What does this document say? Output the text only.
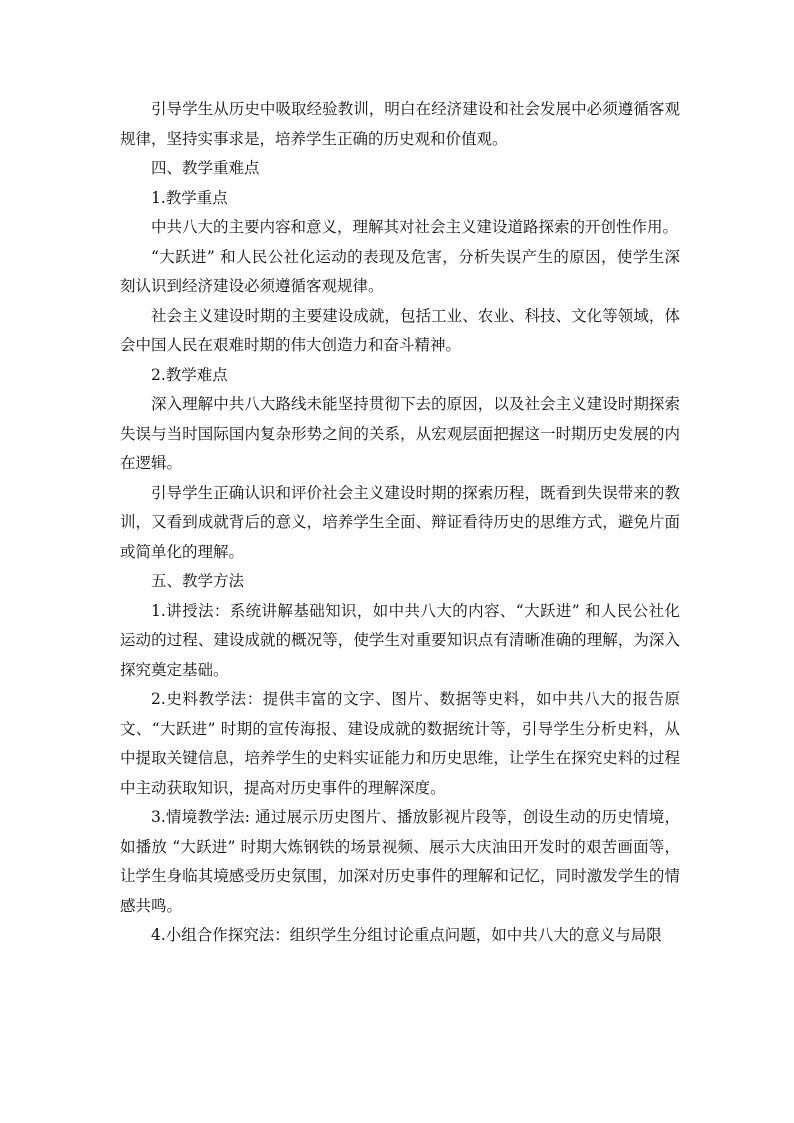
引导学生从历史中吸取经验教训，明白在经济建设和社会发展中必须遵循客观规律，坚持实事求是，培养学生正确的历史观和价值观。

四、教学重难点

1.教学重点

中共八大的主要内容和意义，理解其对社会主义建设道路探索的开创性作用。

“大跃进” 和人民公社化运动的表现及危害，分析失误产生的原因，使学生深刻认识到经济建设必须遵循客观规律。

社会主义建设时期的主要建设成就，包括工业、农业、科技、文化等领域，体会中国人民在艰难时期的伟大创造力和奋斗精神。

2.教学难点

深入理解中共八大路线未能坚持贯彻下去的原因，以及社会主义建设时期探索失误与当时国际国内复杂形势之间的关系，从宏观层面把握这一时期历史发展的内在逻辑。

引导学生正确认识和评价社会主义建设时期的探索历程，既看到失误带来的教训，又看到成就背后的意义，培养学生全面、辩证看待历史的思维方式，避免片面或简单化的理解。

五、教学方法

1.讲授法：系统讲解基础知识，如中共八大的内容、“大跃进” 和人民公社化运动的过程、建设成就的概况等，使学生对重要知识点有清晰准确的理解，为深入探究奠定基础。

2.史料教学法：提供丰富的文字、图片、数据等史料，如中共八大的报告原文、“大跃进” 时期的宣传海报、建设成就的数据统计等，引导学生分析史料，从中提取关键信息，培养学生的史料实证能力和历史思维，让学生在探究史料的过程中主动获取知识，提高对历史事件的理解深度。

3.情境教学法: 通过展示历史图片、播放影视片段等，创设生动的历史情境，如播放 “大跃进” 时期大炼钢铁的场景视频、展示大庆油田开发时的艰苦画面等，让学生身临其境感受历史氛围，加深对历史事件的理解和记忆，同时激发学生的情感共鸣。

4.小组合作探究法：组织学生分组讨论重点问题，如中共八大的意义与局限
